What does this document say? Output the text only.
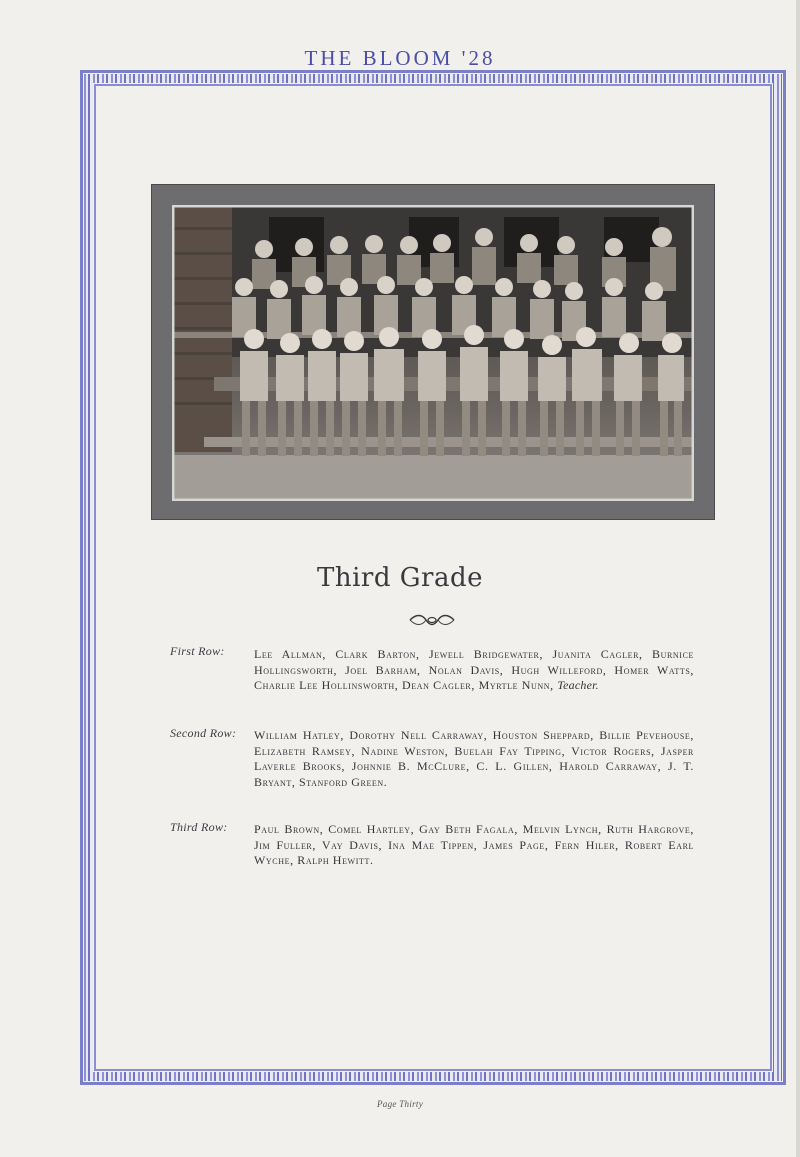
THE BLOOM '28
Third Grade
First Row: Lee Allman, Clark Barton, Jewell Bridgewater, Juanita Cagler, Burnice Hollingsworth, Joel Barham, Nolan Davis, Hugh Willeford, Homer Watts, Charlie Lee Hollinsworth, Dean Cagler, Myrtle Nunn, Teacher.
Second Row: William Hatley, Dorothy Nell Carraway, Houston Sheppard, Billie Pevehouse, Elizabeth Ramsey, Nadine Weston, Buelah Fay Tipping, Victor Rogers, Jasper Laverle Brooks, Johnnie B. McClure, C. L. Gillen, Harold Carraway, J. T. Bryant, Stanford Green.
Third Row: Paul Brown, Comel Hartley, Gay Beth Fagala, Melvin Lynch, Ruth Hargrove, Jim Fuller, Vay Davis, Ina Mae Tippen, James Page, Fern Hiler, Robert Earl Wyche, Ralph Hewitt.
Page Thirty
